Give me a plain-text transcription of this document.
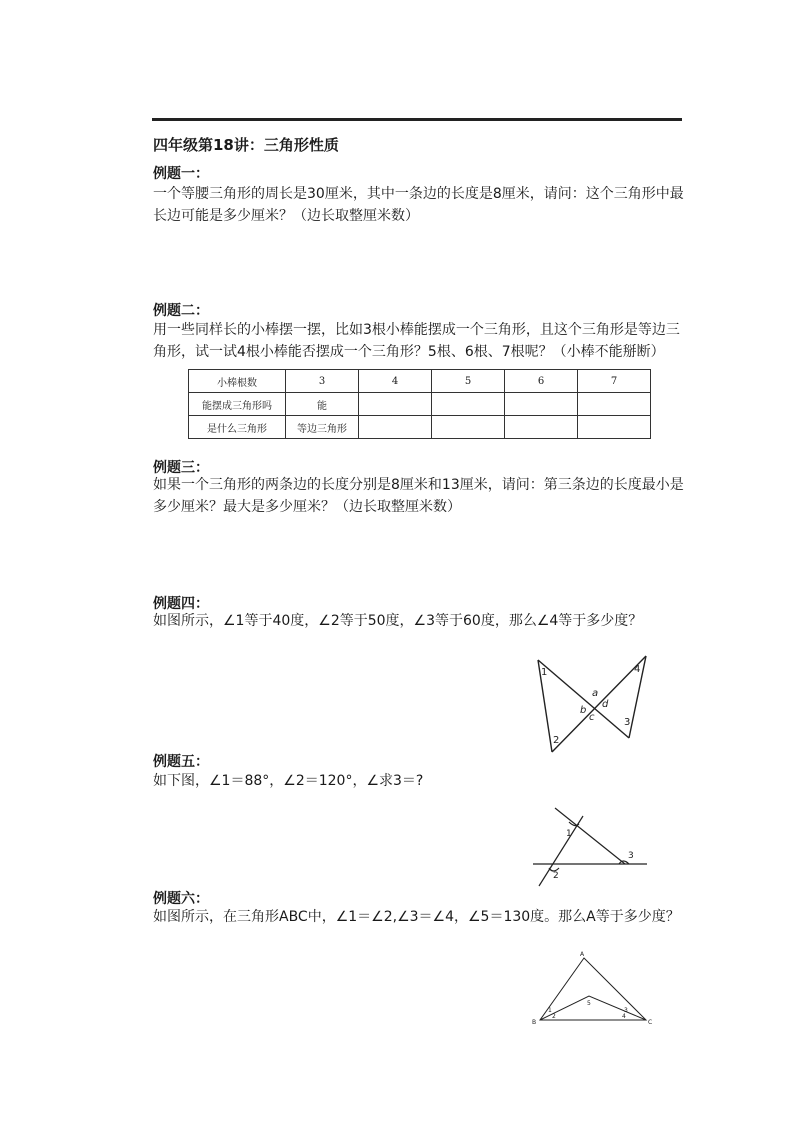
四年级第18讲：三角形性质
例题一：
一个等腰三角形的周长是30厘米，其中一条边的长度是8厘米，请问：这个三角形中最长边可能是多少厘米？（边长取整厘米数）
例题二：
用一些同样长的小棒摆一摆，比如3根小棒能摆成一个三角形，且这个三角形是等边三角形，试一试4根小棒能否摆成一个三角形？5根、6根、7根呢？（小棒不能掰断）
小棒根数	3	4	5	6	7
能摆成三角形吗	能				
是什么三角形	等边三角形				
例题三：
如果一个三角形的两条边的长度分别是8厘米和13厘米，请问：第三条边的长度最小是多少厘米？最大是多少厘米？（边长取整厘米数）
例题四：
如图所示，∠1等于40度，∠2等于50度，∠3等于60度，那么∠4等于多少度？
1
2
3
4
a
b
c
d
例题五：
如下图，∠1＝88°，∠2＝120°，∠求3＝?
1
2
3
例题六：
如图所示，在三角形ABC中，∠1＝∠2,∠3＝∠4，∠5＝130度。那么A等于多少度？
A
B	C
1
2
3
4
5
